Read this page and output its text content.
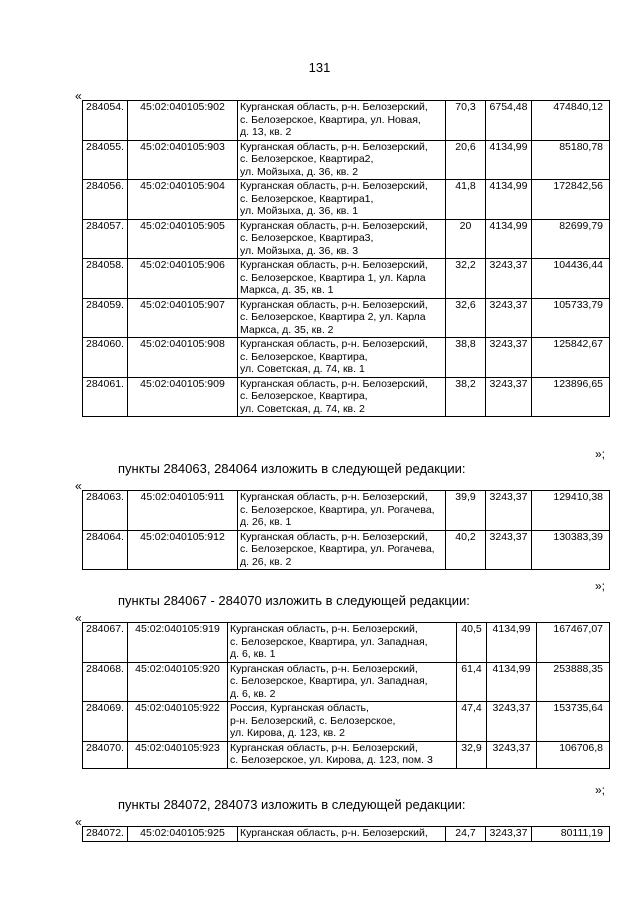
131
«
284054.	45:02:040105:902	Курганская область, р-н. Белозерский,
с. Белозерское, Квартира, ул. Новая,
д. 13, кв. 2	70,3	6754,48	474840,12
284055.	45:02:040105:903	Курганская область, р-н. Белозерский,
с. Белозерское, Квартира2,
ул. Мойзыха, д. 36, кв. 2	20,6	4134,99	85180,78
284056.	45:02:040105:904	Курганская область, р-н. Белозерский,
с. Белозерское, Квартира1,
ул. Мойзыха, д. 36, кв. 1	41,8	4134,99	172842,56
284057.	45:02:040105:905	Курганская область, р-н. Белозерский,
с. Белозерское, Квартира3,
ул. Мойзыха, д. 36, кв. 3	20	4134,99	82699,79
284058.	45:02:040105:906	Курганская область, р-н. Белозерский,
с. Белозерское, Квартира 1, ул. Карла
Маркса, д. 35, кв. 1	32,2	3243,37	104436,44
284059.	45:02:040105:907	Курганская область, р-н. Белозерский,
с. Белозерское, Квартира 2, ул. Карла
Маркса, д. 35, кв. 2	32,6	3243,37	105733,79
284060.	45:02:040105:908	Курганская область, р-н. Белозерский,
с. Белозерское, Квартира,
ул. Советская, д. 74, кв. 1	38,8	3243,37	125842,67
284061.	45:02:040105:909	Курганская область, р-н. Белозерский,
с. Белозерское, Квартира,
ул. Советская, д. 74, кв. 2	38,2	3243,37	123896,65
»;
пункты 284063, 284064 изложить в следующей редакции:
«
284063.	45:02:040105:911	Курганская область, р-н. Белозерский,
с. Белозерское, Квартира, ул. Рогачева,
д. 26, кв. 1	39,9	3243,37	129410,38
284064.	45:02:040105:912	Курганская область, р-н. Белозерский,
с. Белозерское, Квартира, ул. Рогачева,
д. 26, кв. 2	40,2	3243,37	130383,39
»;
пункты 284067 - 284070 изложить в следующей редакции:
«
284067.	45:02:040105:919	Курганская область, р-н. Белозерский,
с. Белозерское, Квартира, ул. Западная,
д. 6, кв. 1	40,5	4134,99	167467,07
284068.	45:02:040105:920	Курганская область, р-н. Белозерский,
с. Белозерское, Квартира, ул. Западная,
д. 6, кв. 2	61,4	4134,99	253888,35
284069.	45:02:040105:922	Россия, Курганская область,
р-н. Белозерский, с. Белозерское,
ул. Кирова, д. 123, кв. 2	47,4	3243,37	153735,64
284070.	45:02:040105:923	Курганская область, р-н. Белозерский,
с. Белозерское, ул. Кирова, д. 123, пом. 3	32,9	3243,37	106706,8
»;
пункты 284072, 284073 изложить в следующей редакции:
«
284072.	45:02:040105:925	Курганская область, р-н. Белозерский,	24,7	3243,37	80111,19
